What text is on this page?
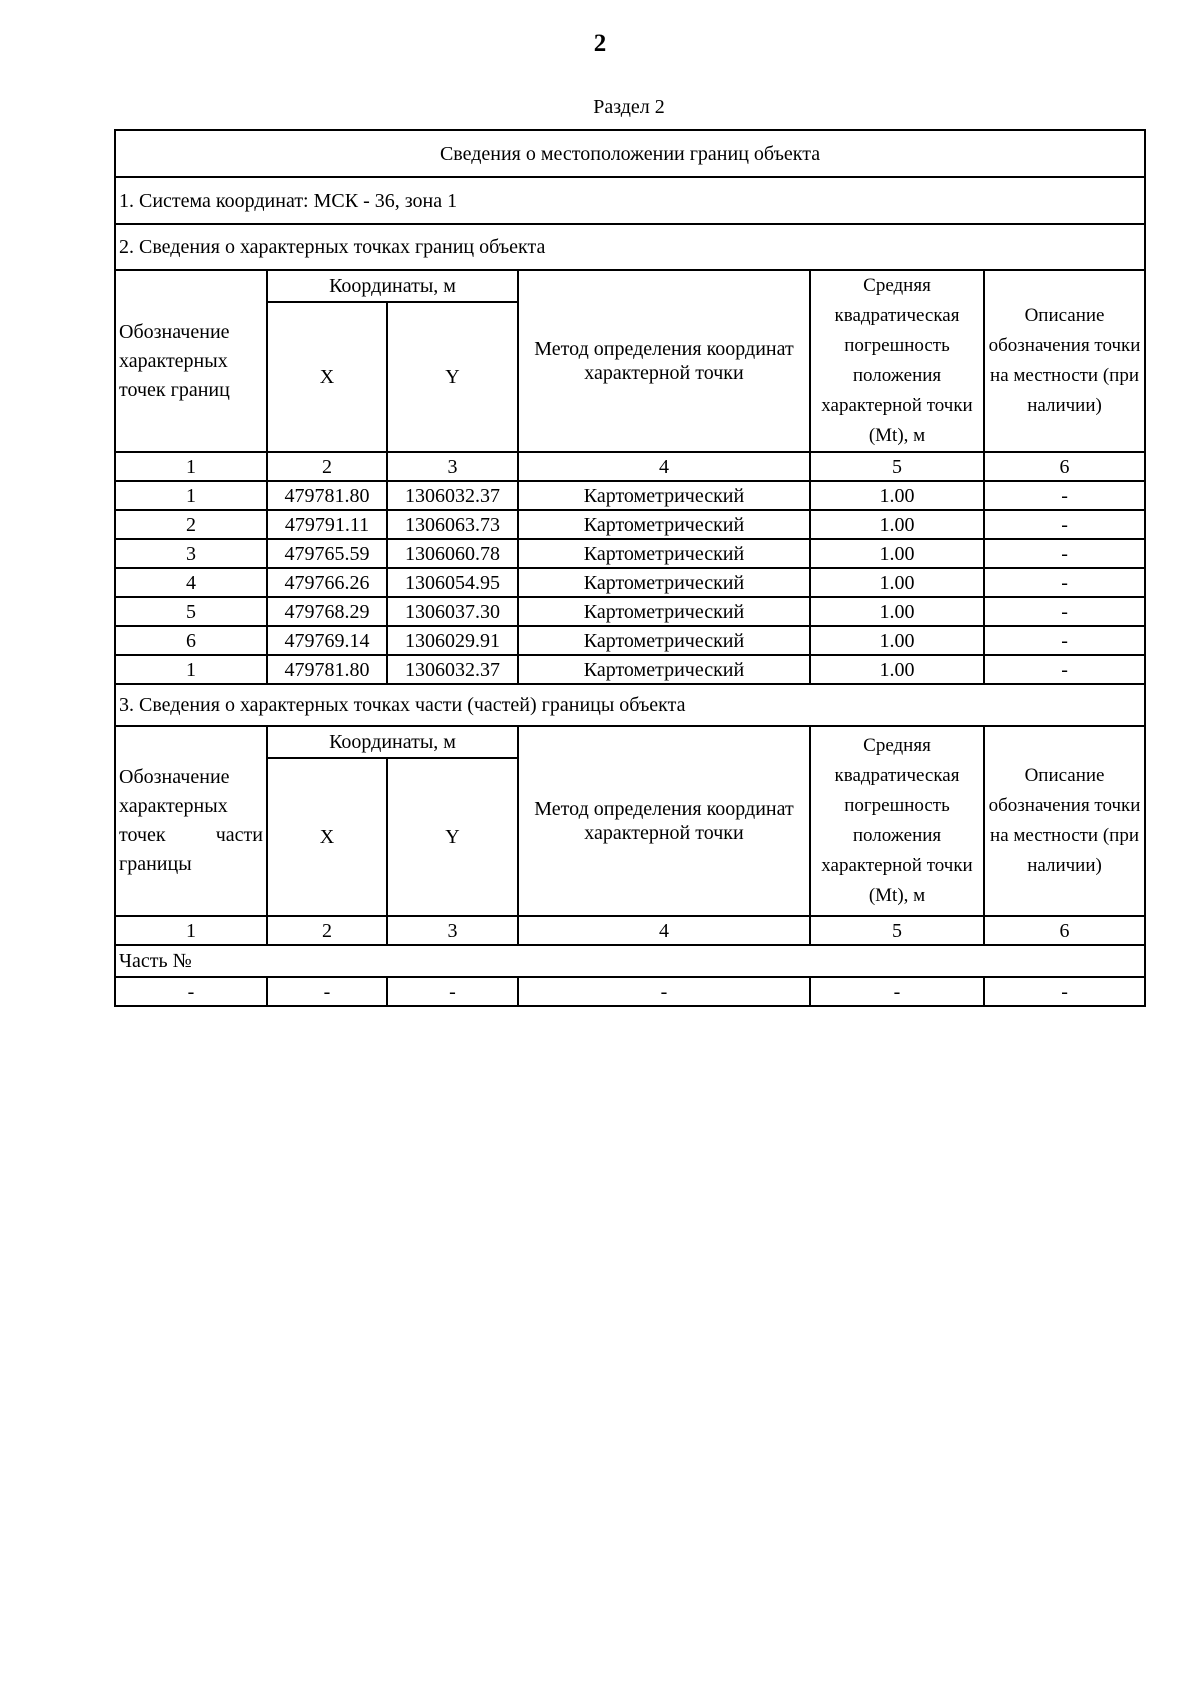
2
Раздел 2
Сведения о местоположении границ объекта					
1. Система координат: МСК - 36, зона 1					
2. Сведения о характерных точках границ объекта					
Обозначение характерных точек границ	Координаты, м		Метод определения координат характерной точки	Средняя квадратическая погрешность положения характерной точки (Mt), м	Описание обозначения точки на местности (при наличии)
	X	Y			
1	2	3	4	5	6
1	479781.80	1306032.37	Картометрический	1.00	-
2	479791.11	1306063.73	Картометрический	1.00	-
3	479765.59	1306060.78	Картометрический	1.00	-
4	479766.26	1306054.95	Картометрический	1.00	-
5	479768.29	1306037.30	Картометрический	1.00	-
6	479769.14	1306029.91	Картометрический	1.00	-
1	479781.80	1306032.37	Картометрический	1.00	-
3. Сведения о характерных точках части (частей) границы объекта					

Обозначение
характерных
точек части
границы	Координаты, м		Метод определения координат характерной точки	Средняя квадратическая погрешность положения характерной точки (Mt), м	Описание обозначения точки на местности (при наличии)
	X	Y			
1	2	3	4	5	6
Часть №					
-	-	-	-	-	-
